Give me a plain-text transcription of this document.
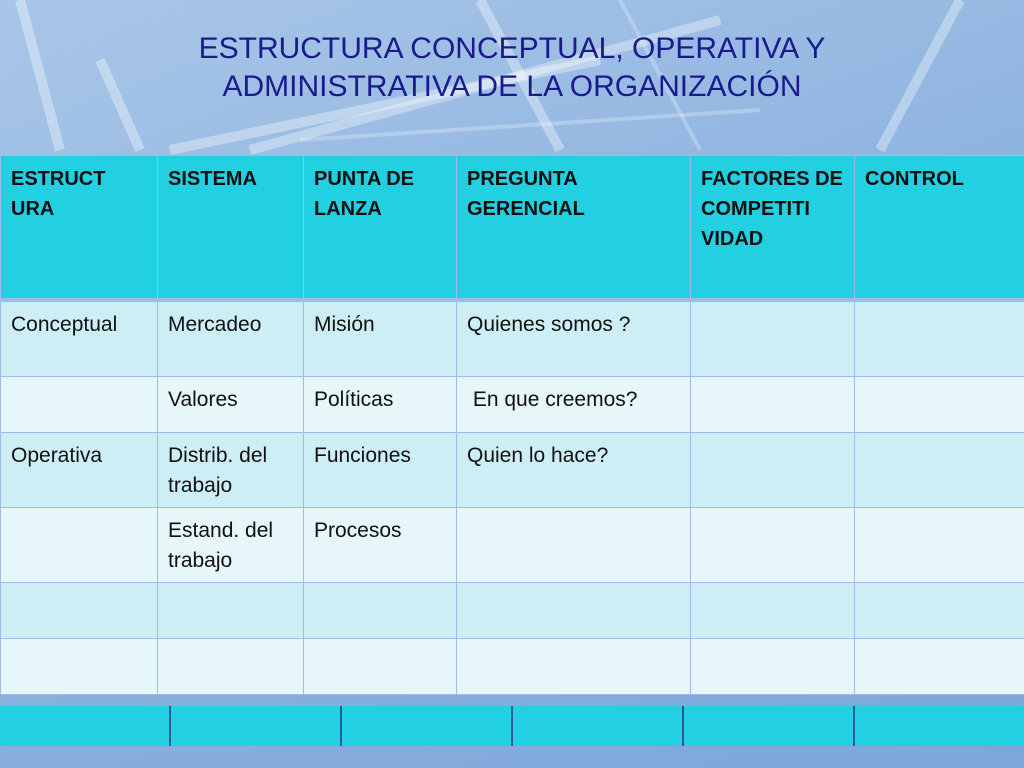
ESTRUCTURA CONCEPTUAL, OPERATIVA Y
ADMINISTRATIVA DE LA ORGANIZACIÓN
ESTRUCT URA	SISTEMA	PUNTA DE LANZA	PREGUNTA GERENCIAL	FACTORES DE COMPETITI VIDAD	CONTROL
Conceptual	Mercadeo	Misión	Quienes somos ?		
	Valores	Políticas	En que creemos?		
Operativa	Distrib. del trabajo	Funciones	Quien lo hace?		
	Estand. del trabajo	Procesos			
